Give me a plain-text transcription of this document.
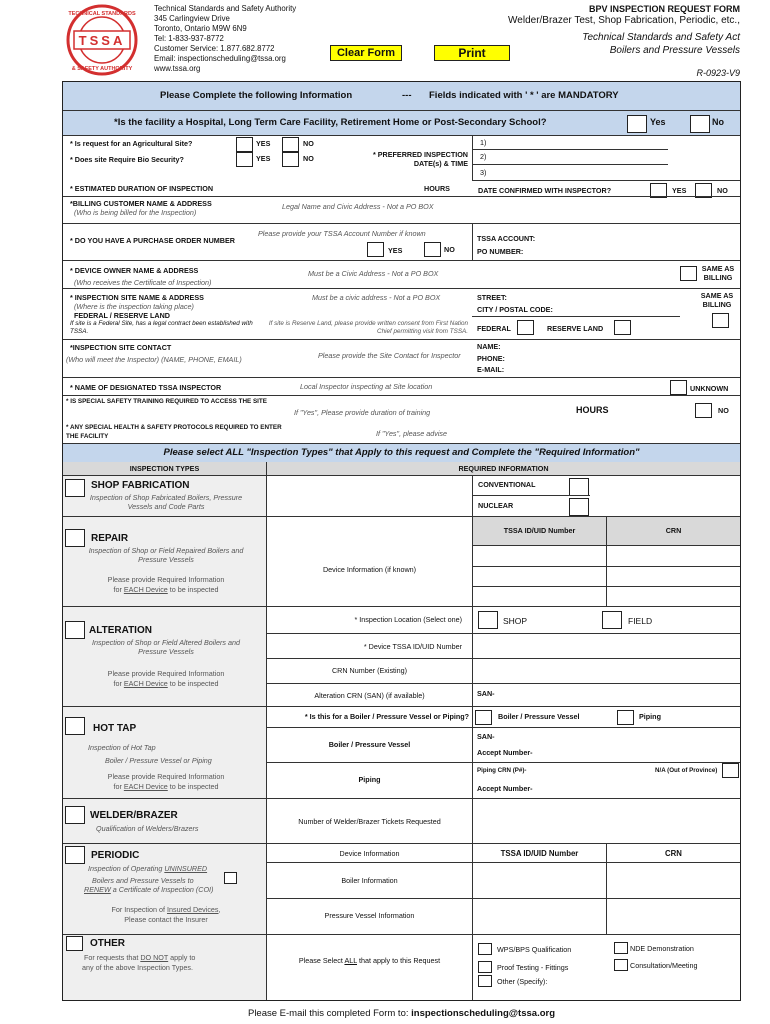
TSSA
TECHNICAL STANDARDS
& SAFETY AUTHORITY
Technical Standards and Safety Authority
345 Carlingview Drive
Toronto, Ontario M9W 6N9
Tel: 1-833-937-8772
Customer Service: 1.877.682.8772
Email: inspectionscheduling@tssa.org
www.tssa.org
Clear Form	Print
BPV INSPECTION REQUEST FORM
Welder/Brazer Test, Shop Fabrication, Periodic, etc.,
Technical Standards and Safety Act
Boilers and Pressure Vessels
R-0923-V9
Please Complete the following Information	--- Fields indicated with ' * ' are MANDATORY
*Is the facility a Hospital, Long Term Care Facility, Retirement Home or Post-Secondary School?	Yes	No
* Is request for an Agricultural Site?	YES	NO
* Does site Require Bio Security?	YES	NO	* PREFERRED INSPECTION DATE(s) & TIME
1)
2)
3)
* ESTIMATED DURATION OF INSPECTION	HOURS	DATE CONFIRMED WITH INSPECTOR?	YES	NO
*BILLING CUSTOMER NAME & ADDRESS
(Who is being billed for the Inspection)
Legal Name and Civic Address - Not a PO BOX
* DO YOU HAVE A PURCHASE ORDER NUMBER
Please provide your TSSA Account Number if known
YES	NO
TSSA ACCOUNT:
PO NUMBER:
* DEVICE OWNER NAME & ADDRESS
(Who receives the Certificate of Inspection)
Must be a Civic Address - Not a PO BOX
SAME AS BILLING
* INSPECTION SITE NAME & ADDRESS
(Where is the inspection taking place)
FEDERAL / RESERVE LAND
If site is a Federal Site, has a legal contract been established with TSSA.
Must be a civic address - Not a PO BOX
If site is Reserve Land, please provide written consent from First Nation Chief permitting visit from TSSA.
STREET:
CITY / POSTAL CODE:
SAME AS BILLING
FEDERAL	RESERVE LAND
*INSPECTION SITE CONTACT
(Who will meet the Inspector) (NAME, PHONE, EMAIL)	Please provide the Site Contact for Inspector
NAME:
PHONE:
E-MAIL:
* NAME OF DESIGNATED TSSA INSPECTOR	Local Inspector inspecting at Site location	UNKNOWN
* IS SPECIAL SAFETY TRAINING REQUIRED TO ACCESS THE SITE
If "Yes", Please provide duration of training	HOURS	NO
* ANY SPECIAL HEALTH & SAFETY PROTOCOLS REQUIRED TO ENTER THE FACILITY	If "Yes", please advise
Please select ALL "Inspection Types" that Apply to this request and Complete the "Required Information"
INSPECTION TYPES	REQUIRED INFORMATION
SHOP FABRICATION
Inspection of Shop Fabricated Boilers, Pressure Vessels and Code Parts
CONVENTIONAL
NUCLEAR
REPAIR
Inspection of Shop or Field Repaired Boilers and Pressure Vessels
Please provide Required Information
for EACH Device to be inspected
Device Information (if known)
TSSA ID/UID Number	CRN
ALTERATION
Inspection of Shop or Field Altered Boilers and Pressure Vessels
Please provide Required Information
for EACH Device to be inspected
* Inspection Location (Select one)	SHOP	FIELD
* Device TSSA ID/UID Number
CRN Number (Existing)
Alteration CRN (SAN) (if available)	SAN-
HOT TAP
Inspection of Hot Tap
Boiler / Pressure Vessel or Piping
Please provide Required Information
for EACH Device to be inspected
* Is this for a Boiler / Pressure Vessel or Piping?	Boiler / Pressure Vessel	Piping
Boiler / Pressure Vessel
SAN-
Accept Number-
Piping
Piping CRN (P#)-	N/A (Out of Province)
Accept Number-
WELDER/BRAZER
Qualification of Welders/Brazers
Number of Welder/Brazer Tickets Requested
PERIODIC
Inspection of Operating UNINSURED
Boilers and Pressure Vessels to
RENEW a Certificate of Inspection (COI)
For Inspection of Insured Devices,
Please contact the Insurer
Device Information	TSSA ID/UID Number	CRN
Boiler Information
Pressure Vessel Information
OTHER
For requests that DO NOT apply to
any of the above Inspection Types.
Please Select ALL that apply to this Request
WPS/BPS Qualification	NDE Demonstration
Proof Testing - Fittings	Consultation/Meeting
Other (Specify):
Please E-mail this completed Form to: inspectionscheduling@tssa.org
